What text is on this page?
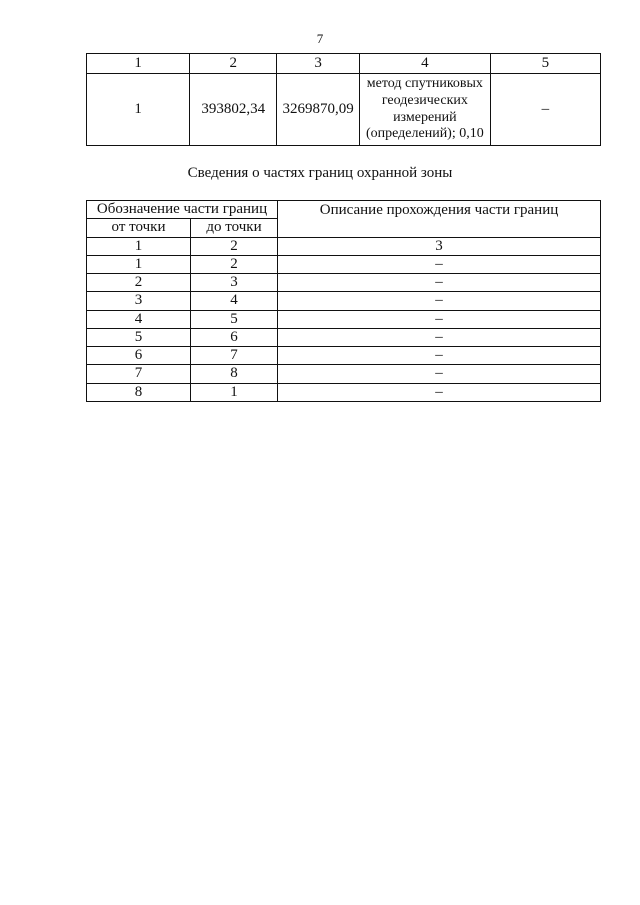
7
1	2	3	4	5
1	393802,34	3269870,09	метод спутниковых
геодезических
измерений
(определений); 0,10	–
Сведения о частях границ охранной зоны
Обозначение части границ		Описание прохождения части границ
от точки	до точки	
1	2	3
1	2	–
2	3	–
3	4	–
4	5	–
5	6	–
6	7	–
7	8	–
8	1	–
